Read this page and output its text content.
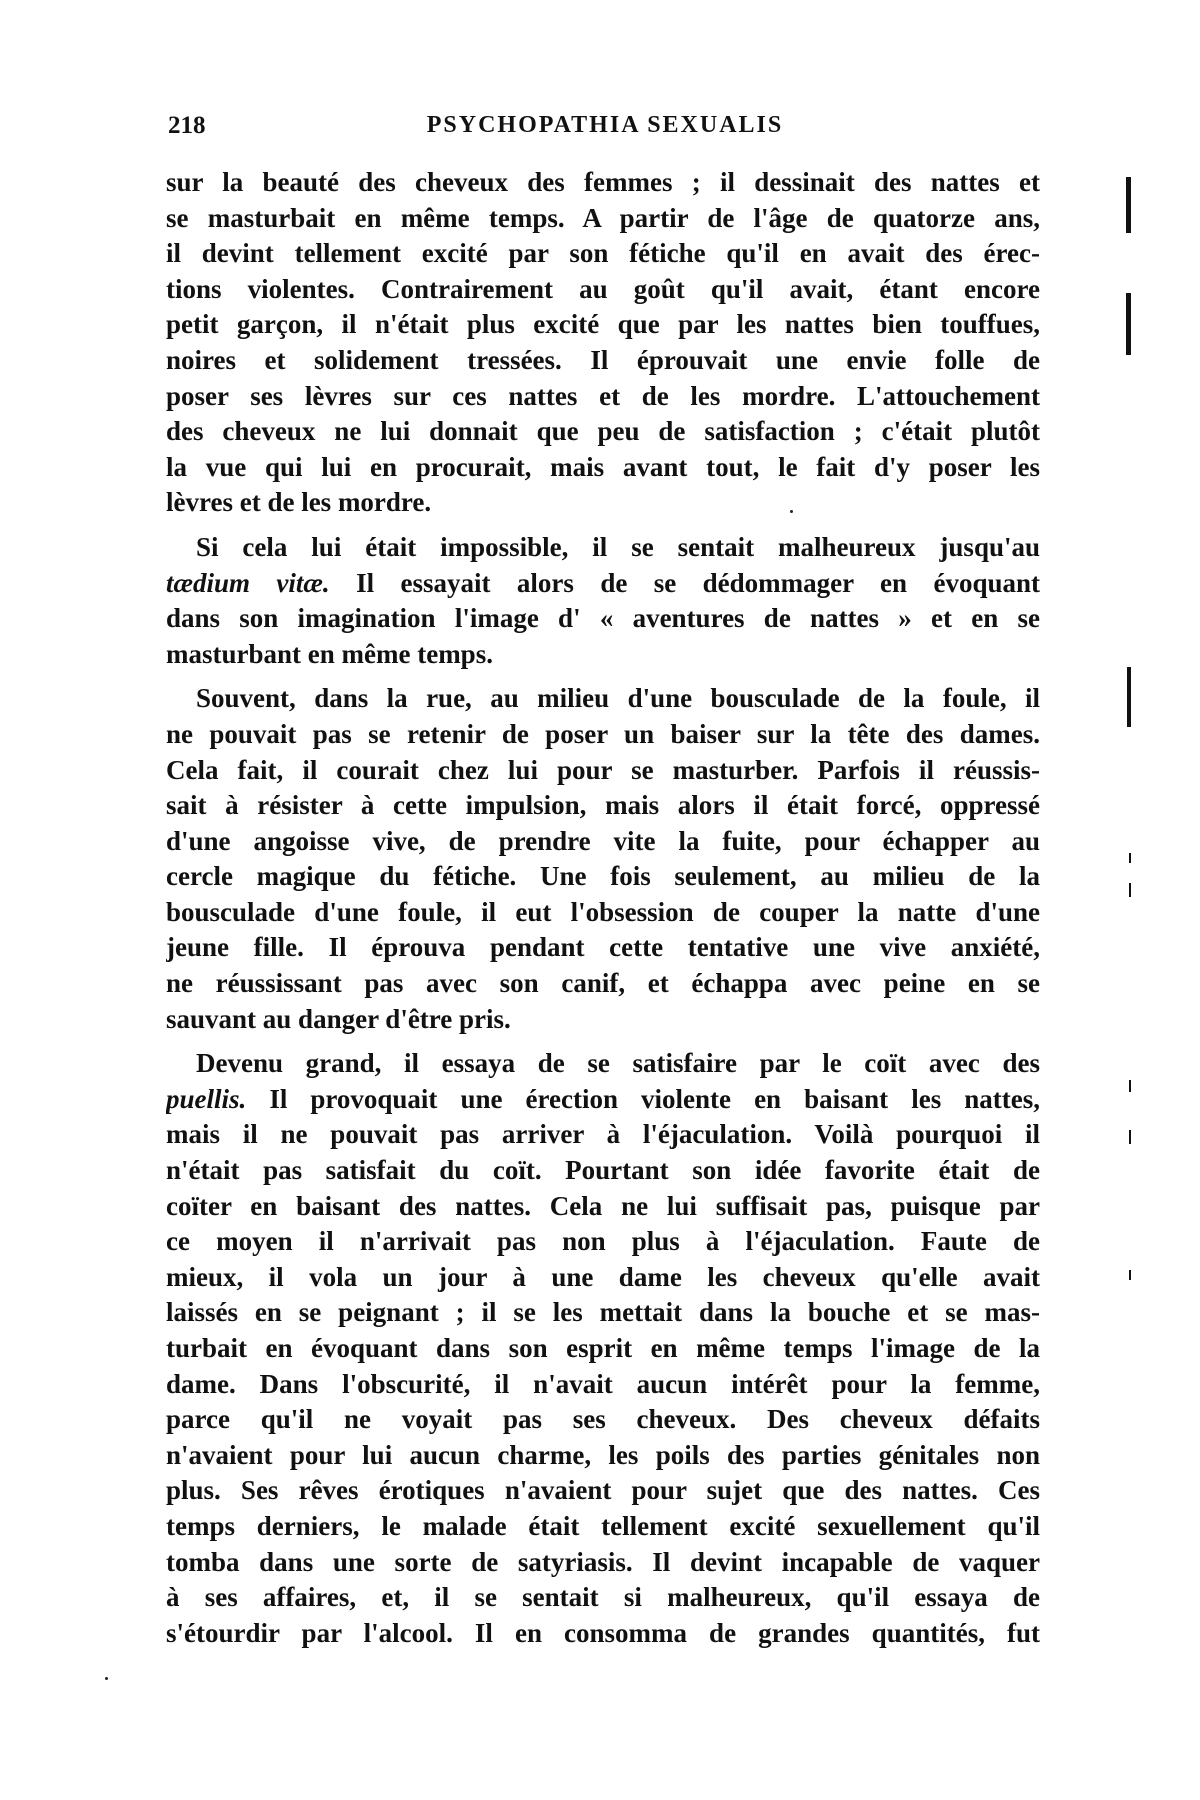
218	PSYCHOPATHIA SEXUALIS
sur la beauté des cheveux des femmes ; il dessinait des nattes et
se masturbait en même temps. A partir de l'âge de quatorze ans,
il devint tellement excité par son fétiche qu'il en avait des érec-
tions violentes. Contrairement au goût qu'il avait, étant encore
petit garçon, il n'était plus excité que par les nattes bien touffues,
noires et solidement tressées. Il éprouvait une envie folle de
poser ses lèvres sur ces nattes et de les mordre. L'attouchement
des cheveux ne lui donnait que peu de satisfaction ; c'était plutôt
la vue qui lui en procurait, mais avant tout, le fait d'y poser les
lèvres et de les mordre.
Si cela lui était impossible, il se sentait malheureux jusqu'au
tædium vitæ. Il essayait alors de se dédommager en évoquant
dans son imagination l'image d' « aventures de nattes » et en se
masturbant en même temps.
Souvent, dans la rue, au milieu d'une bousculade de la foule, il
ne pouvait pas se retenir de poser un baiser sur la tête des dames.
Cela fait, il courait chez lui pour se masturber. Parfois il réussis-
sait à résister à cette impulsion, mais alors il était forcé, oppressé
d'une angoisse vive, de prendre vite la fuite, pour échapper au
cercle magique du fétiche. Une fois seulement, au milieu de la
bousculade d'une foule, il eut l'obsession de couper la natte d'une
jeune fille. Il éprouva pendant cette tentative une vive anxiété,
ne réussissant pas avec son canif, et échappa avec peine en se
sauvant au danger d'être pris.
Devenu grand, il essaya de se satisfaire par le coït avec des
puellis. Il provoquait une érection violente en baisant les nattes,
mais il ne pouvait pas arriver à l'éjaculation. Voilà pourquoi il
n'était pas satisfait du coït. Pourtant son idée favorite était de
coïter en baisant des nattes. Cela ne lui suffisait pas, puisque par
ce moyen il n'arrivait pas non plus à l'éjaculation. Faute de
mieux, il vola un jour à une dame les cheveux qu'elle avait
laissés en se peignant ; il se les mettait dans la bouche et se mas-
turbait en évoquant dans son esprit en même temps l'image de la
dame. Dans l'obscurité, il n'avait aucun intérêt pour la femme,
parce qu'il ne voyait pas ses cheveux. Des cheveux défaits
n'avaient pour lui aucun charme, les poils des parties génitales non
plus. Ses rêves érotiques n'avaient pour sujet que des nattes. Ces
temps derniers, le malade était tellement excité sexuellement qu'il
tomba dans une sorte de satyriasis. Il devint incapable de vaquer
à ses affaires, et, il se sentait si malheureux, qu'il essaya de
s'étourdir par l'alcool. Il en consomma de grandes quantités, fut
